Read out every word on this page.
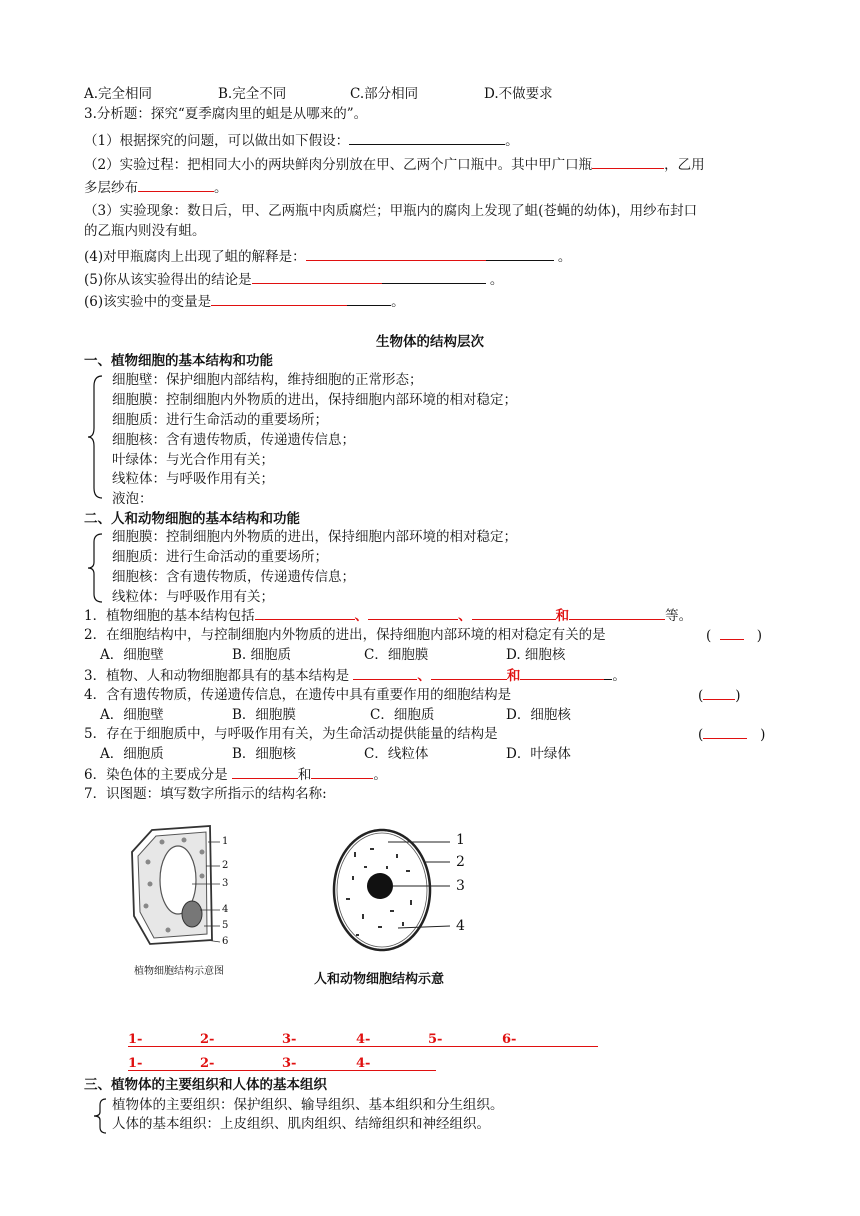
A.完全相同	B.完全不同	C.部分相同	D.不做要求
3.分析题：探究“夏季腐肉里的蛆是从哪来的”。
（1）根据探究的问题，可以做出如下假设：	。
（2）实验过程：把相同大小的两块鲜肉分别放在甲、乙两个广口瓶中。其中甲广口瓶	，乙用
多层纱布	。
（3）实验现象：数日后，甲、乙两瓶中肉质腐烂；甲瓶内的腐肉上发现了蛆(苍蝇的幼体)，用纱布封口
的乙瓶内则没有蛆。
(4)对甲瓶腐肉上出现了蛆的解释是：	。
(5)你从该实验得出的结论是	。
(6)该实验中的变量是	。
生物体的结构层次
一、植物细胞的基本结构和功能
细胞壁：保护细胞内部结构，维持细胞的正常形态；
细胞膜：控制细胞内外物质的进出，保持细胞内部环境的相对稳定；
细胞质：进行生命活动的重要场所；
细胞核：含有遗传物质，传递遗传信息；
叶绿体：与光合作用有关；
线粒体：与呼吸作用有关；
液泡：
二、人和动物细胞的基本结构和功能
细胞膜：控制细胞内外物质的进出，保持细胞内部环境的相对稳定；
细胞质：进行生命活动的重要场所；
细胞核：含有遗传物质，传递遗传信息；
线粒体：与呼吸作用有关；
1．植物细胞的基本结构包括	、	、	和	等。
2．在细胞结构中，与控制细胞内外物质的进出，保持细胞内部环境的相对稳定有关的是	(	)
A．细胞壁	B. 细胞质	C．细胞膜	D. 细胞核
3．植物、人和动物细胞都具有的基本结构是	、	和	。
4．含有遗传物质，传递遗传信息，在遗传中具有重要作用的细胞结构是	( )
A．细胞壁	B．细胞膜	C．细胞质	D．细胞核
5．存在于细胞质中，与呼吸作用有关，为生命活动提供能量的结构是	(	)
A．细胞质	B．细胞核	C．线粒体	D．叶绿体
6．染色体的主要成分是	和	。
7．识图题：填写数字所指示的结构名称:
1
2
3
4
5
6
植物细胞结构示意图
1
2
3
4
人和动物细胞结构示意
1-	2-	3-	4-	5-	6-
1-	2-	3-	4-
三、植物体的主要组织和人体的基本组织
植物体的主要组织：保护组织、输导组织、基本组织和分生组织。
人体的基本组织：上皮组织、肌肉组织、结缔组织和神经组织。
